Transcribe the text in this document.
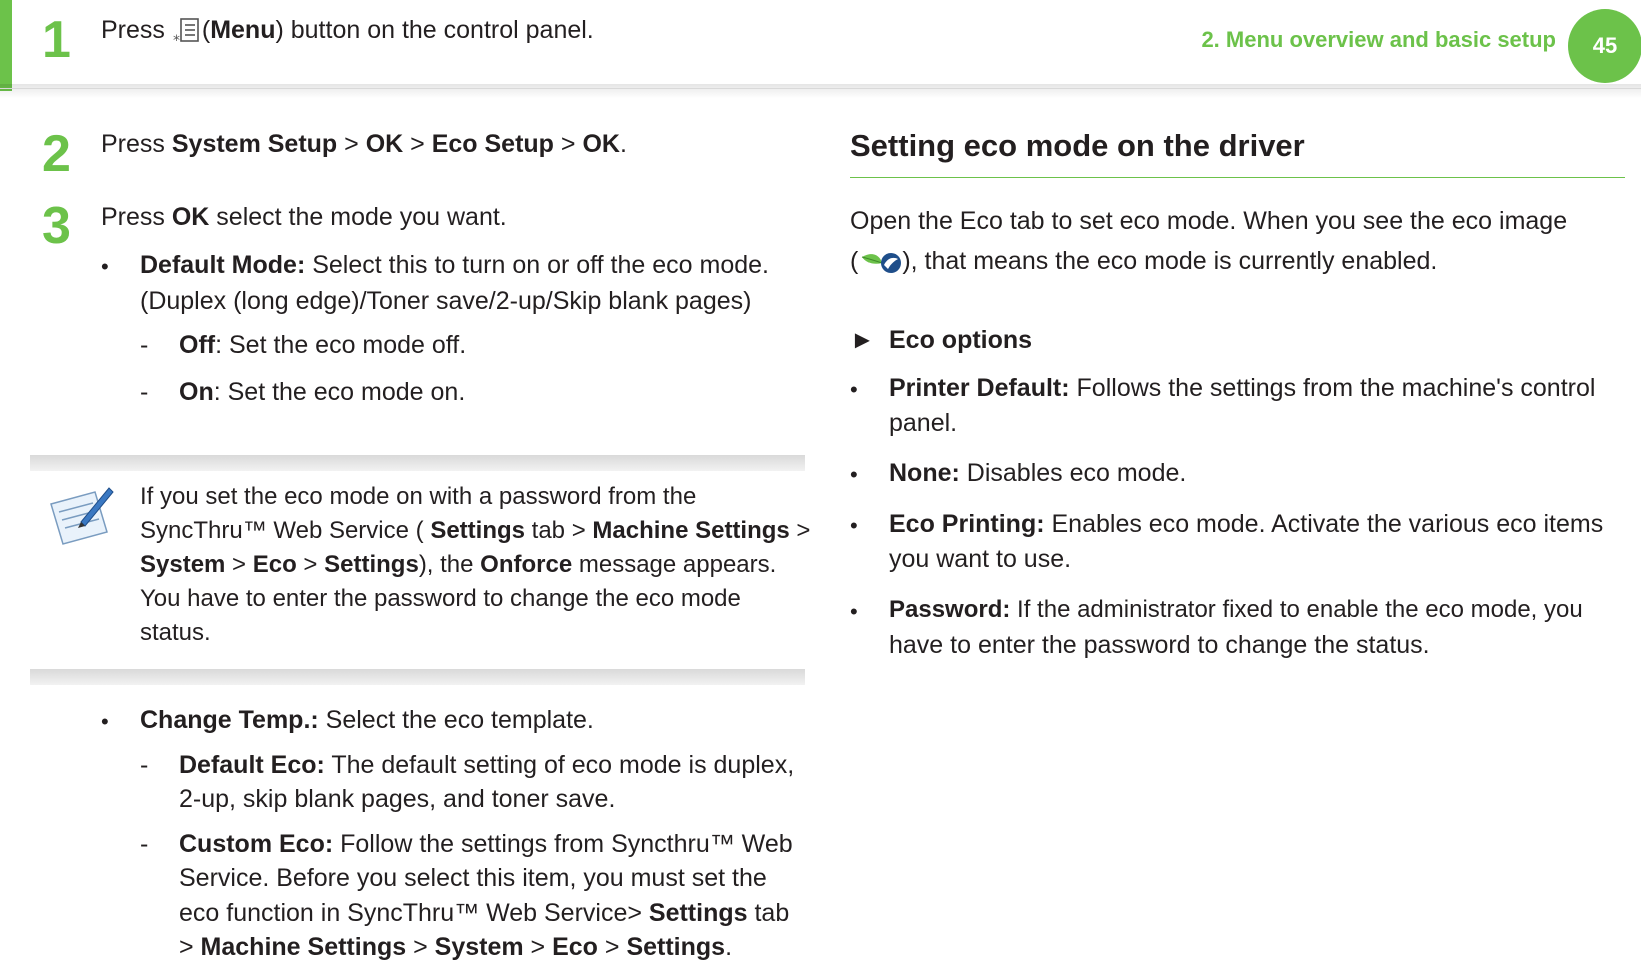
2. Menu overview and basic setup 45
1 Press * (Menu) button on the control panel.
2 Press System Setup > OK > Eco Setup > OK.
3 Press OK select the mode you want.
• Default Mode: Select this to turn on or off the eco mode.
(Duplex (long edge)/Toner save/2-up/Skip blank pages)
- Off: Set the eco mode off.
- On: Set the eco mode on.
If you set the eco mode on with a password from the
SyncThru™ Web Service ( Settings tab > Machine Settings >
System > Eco > Settings), the Onforce message appears.
You have to enter the password to change the eco mode
status.
• Change Temp.: Select the eco template.
- Default Eco: The default setting of eco mode is duplex,
2-up, skip blank pages, and toner save.
- Custom Eco: Follow the settings from Syncthru™ Web
Service. Before you select this item, you must set the
eco function in SyncThru™ Web Service> Settings tab
> Machine Settings > System > Eco > Settings.
Setting eco mode on the driver
Open the Eco tab to set eco mode. When you see the eco image
( ), that means the eco mode is currently enabled.
► Eco options
• Printer Default: Follows the settings from the machine's control
panel.
• None: Disables eco mode.
• Eco Printing: Enables eco mode. Activate the various eco items
you want to use.
• Password: If the administrator fixed to enable the eco mode, you
have to enter the password to change the status.
